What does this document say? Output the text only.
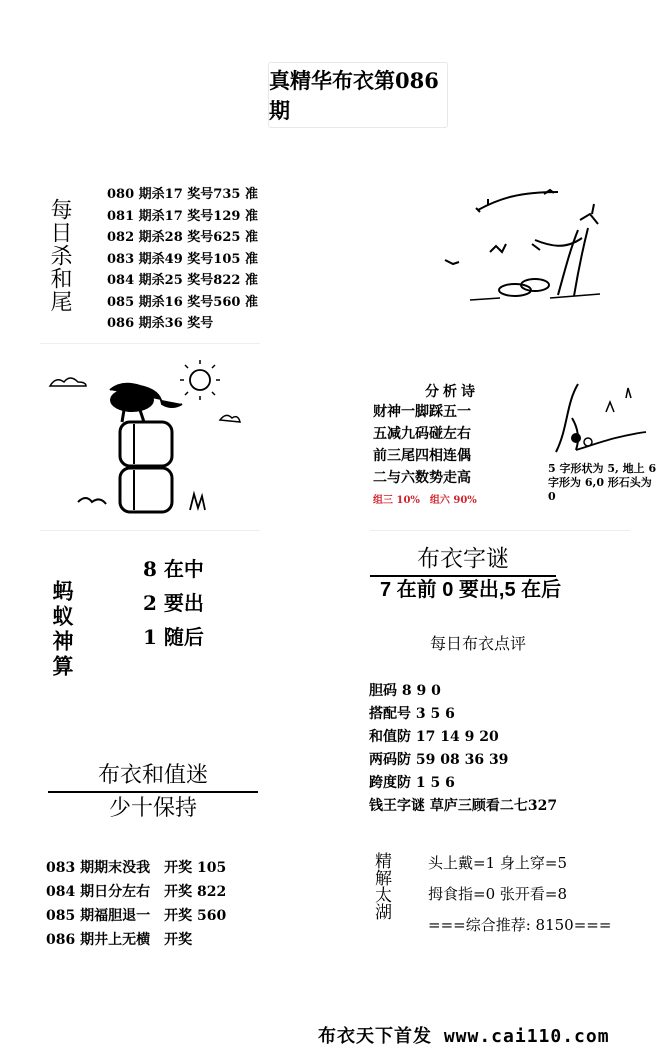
真精华布衣第086期
每日杀和尾
080 期杀17 奖号735 准
081 期杀17 奖号129 准
082 期杀28 奖号625 准
083 期杀49 奖号105 准
084 期杀25 奖号822 准
085 期杀16 奖号560 准
086 期杀36 奖号
分析诗
财神一脚踩五一
五减九码碰左右
前三尾四相连偶
二与六数势走高
组三 10% 组六 90%
5 字形状为 5, 地上 6 字形为 6,0 形石头为 0
蚂蚁神算
8 在中
2 要出
1 随后
布衣字谜
7 在前 0 要出,5 在后
每日布衣点评
胆码 8 9 0
搭配号 3 5 6
和值防 17 14 9 20
两码防 59 08 36 39
跨度防 1 5 6
钱王字谜 草庐三顾看二七327
布衣和值迷
少十保持
083 期期末没我 开奖 105
084 期日分左右 开奖 822
085 期福胆退一 开奖 560
086 期井上无横 开奖
精解太湖 头上戴=1 身上穿=5
拇食指=0 张开看=8
===综合推荐: 8150===
布衣天下首发 www.cai110.com
